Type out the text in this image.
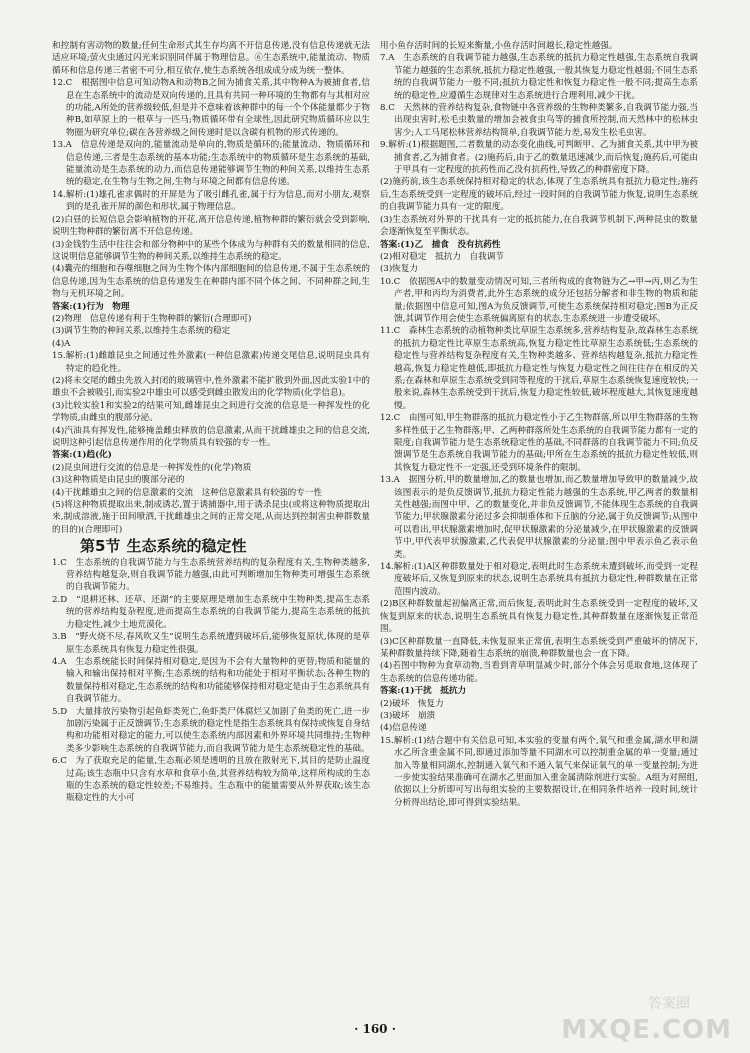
和控制有害动物的数量;任何生命形式其生存均离不开信息传递,没有信息传递就无法适应环境;萤火虫通过闪光来识别同伴属于物理信息。⑥生态系统中,能量流动、物质循环和信息传递三者密不可分,相互依存,使生态系统各组成成分成为统一整体。

12.C　根据图中信息可知动物A和动物B之间为捕食关系,其中物种A为被捕食者,信息在生态系统中的流动是双向传递的,且具有共同一种环境的生物都有与其相对应的功能,A所处的营养级较低,但是并不意味着该种群中的每一个个体能量都少于物种B,如草原上的一根草与一匹马;物质循环带有全球性,因此研究物质循环应以生物圈为研究单位;碳在各营养级之间传递时是以含碳有机物的形式传递的。

13.A　信息传递是双向的,能量流动是单向的,物质是循环的;能量流动、物质循环和信息传递,三者是生态系统的基本功能;生态系统中的物质循环是生态系统的基础,能量流动是生态系统的动力,而信息传递能够调节生物的种间关系,以维持生态系统的稳定,在生物与生物之间,生物与环境之间都有信息传递。

14.解析:(1)雄孔雀求偶时的开屏是为了吸引雌孔雀,属于行为信息,而对小朋友,观察到的是孔雀开屏的颜色和形状,属于物理信息。

(2)白昼的长短信息会影响植物的开花,离开信息传递,植物种群的繁衍就会受到影响,说明生物种群的繁衍离不开信息传递。

(3)金钱豹生活中往往会和部分物种中的某些个体成为与种群有关的数量相同的信息,这说明信息能够调节生物的种间关系,以维持生态系统的稳定。

(4)囊壳的细胞和吞噬细胞之间为生物个体内部细胞间的信息传递,不属于生态系统的信息传递,因为生态系统的信息传递发生在种群内部不同个体之间、不同种群之间,生物与无机环境之间。

答案:(1)行为　物理

(2)物理　信息传递有利于生物种群的繁衍(合理即可)

(3)调节生物的种间关系,以维持生态系统的稳定

(4)A

15.解析:(1)雌雄昆虫之间通过性外激素(一种信息激素)传递交尾信息,说明昆虫具有特定的趋化性。

(2)将未交尾的雌虫先放入封闭的玻璃管中,性外激素不能扩散到外面,因此实验1中的雄虫不会被吸引,而实验2中雄虫可以感受到雌虫散发出的化学物质(化学信息)。

(3)比较实验1和实验2的结果可知,雌雄昆虫之间进行交流的信息是一种挥发性的化学物质,由雌虫的腹部分泌。

(4)汽油具有挥发性,能够掩盖雌虫释放的信息激素,从而干扰雌雄虫之间的信息交流,说明这种引起信息传递作用的化学物质具有较强的专一性。

答案:(1)趋(化)

(2)昆虫间进行交流的信息是一种挥发性的(化学)物质

(3)这种物质是由昆虫的腹部分泌的

(4)干扰雌雄虫之间的信息激素的交流　这种信息激素具有较强的专一性

(5)将这种物质提取出来,制成诱芯,置于诱捕器中,用于诱杀昆虫(或将这种物质提取出来,制成溶液,施于田间喷洒,干扰雌雄虫之间的正常交尾,从而达到控制害虫种群数量的目的)(合理即可)

第5节 生态系统的稳定性

1.C　生态系统的自我调节能力与生态系统营养结构的复杂程度有关,生物种类越多,营养结构越复杂,则自我调节能力越强,由此可判断增加生物种类可增强生态系统的自我调节能力。

2.D　“退耕还林、还草、还湖”的主要原理是增加生态系统中生物种类,提高生态系统的营养结构复杂程度,进而提高生态系统的自我调节能力,提高生态系统的抵抗力稳定性,减少土地荒漠化。

3.B　“野火烧不尽,春风吹又生”说明生态系统遭到破坏后,能够恢复原状,体现的是草原生态系统具有恢复力稳定性很强。

4.A　生态系统能长时间保持相对稳定,是因为不会有大量物种的更替;物质和能量的输入和输出保持相对平衡;生态系统的结构和功能处于相对平衡状态;各种生物的数量保持相对稳定,生态系统的结构和功能能够保持相对稳定是由于生态系统具有自我调节能力。

5.D　大量排放污染物引起鱼虾类死亡,鱼虾类尸体腐烂又加剧了鱼类的死亡,进一步加剧污染属于正反馈调节;生态系统的稳定性是指生态系统具有保持或恢复自身结构和功能相对稳定的能力,可以使生态系统内部因素和外界环境共同维持;生物种类多少影响生态系统的自我调节能力,而自我调节能力是生态系统稳定性的基础。

6.C　为了获取充足的能量,生态瓶必须是透明的且放在散射光下,其目的是防止温度过高;该生态瓶中只含有水草和食草小鱼,其营养结构较为简单,这样所构成的生态瓶的生态系统的稳定性较差;不易维持。生态瓶中的能量需要从外界获取;该生态瓶稳定性的大小可

用小鱼存活时间的长短来衡量,小鱼存活时间越长,稳定性越强。

7.A　生态系统的自我调节能力越强,生态系统的抵抗力稳定性越强,生态系统自我调节能力越强的生态系统,抵抗力稳定性越强,一般其恢复力稳定性越弱;不同生态系统的自我调节能力一般不同;抵抗力稳定性和恢复力稳定性一般不同;提高生态系统的稳定性,应遵循生态规律对生态系统进行合理利用,减少干扰。

8.C　天然林的营养结构复杂,食物链中各营养级的生物种类繁多,自我调节能力强,当出现虫害时,松毛虫数量的增加会被食虫鸟等的捕食所控制,而天然林中的松林虫害少;人工马尾松林营养结构简单,自我调节能力差,易发生松毛虫害。

9.解析:(1)根据题图,二者数量的动态变化曲线,可判断甲、乙为捕食关系,其中甲为被捕食者,乙为捕食者。(2)施药后,由于乙的数量迅速减少,而后恢复;施药后,可能由于甲具有一定程度的抗药性而乙没有抗药性,导致乙的种群密度下降。

(2)施药前,该生态系统保持相对稳定的状态,体现了生态系统具有抵抗力稳定性;施药后,生态系统受到一定程度的破坏后,经过一段时间的自我调节能力恢复,说明生态系统的自我调节能力具有一定的限度。

(3)生态系统对外界的干扰具有一定的抵抗能力,在自我调节机制下,两种昆虫的数量会逐渐恢复至平衡状态。

答案:(1)乙　捕食　没有抗药性

(2)相对稳定　抵抗力　自我调节

(3)恢复力

10.C　依据图A中的数量变动情况可知,三者所构成的食物链为乙→甲→丙,则乙为生产者,甲和丙均为消费者,此外生态系统的成分还包括分解者和非生物的物质和能量;依据图中信息可知,图A为负反馈调节,可使生态系统保持相对稳定;图B为正反馈,其调节作用会使生态系统偏离原有的状态,生态系统进一步遭受破坏。

11.C　森林生态系统的动植物种类比草原生态系统多,营养结构复杂,故森林生态系统的抵抗力稳定性比草原生态系统高,恢复力稳定性比草原生态系统低;生态系统的稳定性与营养结构复杂程度有关,生物种类越多、营养结构越复杂,抵抗力稳定性越高,恢复力稳定性越低,即抵抗力稳定性与恢复力稳定性之间往往存在相反的关系;在森林和草原生态系统受到同等程度的干扰后,草原生态系统恢复速度较快;一般来说,森林生态系统受到干扰后,恢复力稳定性较低,破坏程度越大,其恢复速度越慢。

12.C　由图可知,甲生物群落的抵抗力稳定性小于乙生物群落,所以甲生物群落的生物多样性低于乙生物群落;甲、乙两种群落所处生态系统的自我调节能力都有一定的限度;自我调节能力是生态系统稳定性的基础,不同群落的自我调节能力不同;负反馈调节是生态系统自我调节能力的基础;甲所在生态系统的抵抗力稳定性较低,则其恢复力稳定性不一定强,还受到环境条件的限制。

13.A　据图分析,甲的数量增加,乙的数量也增加,而乙数量增加导致甲的数量减少,故该图表示的是负反馈调节,抵抗力稳定性能力越强的生态系统,甲乙两者的数量相关性越强;而图中甲、乙的数量变化,并非负反馈调节,不能体现生态系统的自我调节能力;甲状腺激素分泌过多会抑制垂体和下丘脑的分泌,属于负反馈调节;从图中可以看出,甲状腺激素增加时,促甲状腺激素的分泌量减少,在甲状腺激素的反馈调节中,甲代表甲状腺激素,乙代表促甲状腺激素的分泌量;图中甲表示鱼乙表示鱼类。

14.解析:(1)A区种群数量处于相对稳定,表明此时生态系统未遭到破坏,而受到一定程度破坏后,又恢复到原来的状态,说明生态系统具有抵抗力稳定性,种群数量在正常范围内波动。

(2)B区种群数量起初偏离正常,而后恢复,表明此时生态系统受到一定程度的破坏,又恢复到原来的状态,说明生态系统具有恢复力稳定性,其种群数量在逐渐恢复正常范围。

(3)C区种群数量一直降低,未恢复原来正常值,表明生态系统受到严重破坏的情况下,某种群数量持续下降,随着生态系统的崩溃,种群数量也会一直下降。

(4)若图中物种为食草动物,当看到青草明显减少时,部分个体会另觅取食地,这体现了生态系统的信息传递功能。

答案:(1)干扰　抵抗力

(2)破坏　恢复力

(3)破坏　崩溃

(4)信息传递

15.解析:(1)结合题中有关信息可知,本实验的变量有两个,氧气和重金属,湖水甲和湖水乙所含重金属不同,即通过添加等量不同湖水可以控制重金属的单一变量;通过加入等量相同湖水,控制通入氧气和不通入氧气来保证氧气的单一变量控制;为进一步使实验结果准确可在湖水乙里面加入重金属清除剂进行实验。A组为对照组,依据以上分析即可写出每组实验的主要数据设计,在相同条件培养一段时间,统计分析得出结论,即可得到实验结果。

· 160 ·
答案圈
MXQE.COM
